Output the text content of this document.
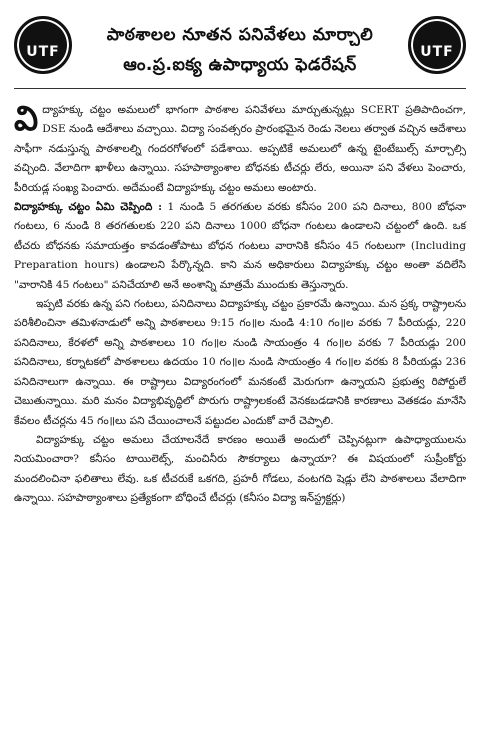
UTF
పాఠశాలల నూతన పనివేళలు మార్చాలి
ఆం.ప్ర.ఐక్య ఉపాధ్యాయ ఫెడరేషన్
UTF

విద్యాహక్కు చట్టం అమలులో భాగంగా పాఠశాల పనివేళలు మార్చుతున్నట్లు SCERT ప్రతిపాదించగా, DSE నుండి ఆదేశాలు వచ్చాయి. విద్యా సంవత్సరం ప్రారంభమైన రెండు నెలలు తర్వాత వచ్చిన ఆదేశాలు సాఫీగా నడుస్తున్న పాఠశాలల్ని గందరగోళంలో పడేశాయి. అప్పటికే అమలులో ఉన్న టైంటేబుల్స్ మార్చాల్సి వచ్చింది. వేలాదిగా ఖాళీలు ఉన్నాయి. సహపాఠ్యాంశాల బోధనకు టీచర్లు లేరు, అయినా పని వేళలు పెంచారు, పీరియడ్ల సంఖ్య పెంచారు. అదేమంటే విద్యాహక్కు చట్టం అమలు అంటారు.

విద్యాహక్కు చట్టం ఏమి చెప్పింది : 1 నుండి 5 తరగతుల వరకు కనీసం 200 పని దినాలు, 800 బోధనా గంటలు, 6 నుండి 8 తరగతులకు 220 పని దినాలు 1000 బోధనా గంటలు ఉండాలని చట్టంలో ఉంది. ఒక టీచరు బోధనకు సమాయత్తం కావడంతోపాటు బోధన గంటలు వారానికి కనీసం 45 గంటలుగా (Including Preparation hours) ఉండాలని పేర్కొన్నది. కాని మన అధికారులు విద్యాహక్కు చట్టం అంతా వదిలేసి "వారానికి 45 గంటలు" పనిచేయాలి అనే అంశాన్ని మాత్రమే ముందుకు తెస్తున్నారు.

ఇప్పటి వరకు ఉన్న పని గంటలు, పనిదినాలు విద్యాహక్కు చట్టం ప్రకారమే ఉన్నాయి. మన ప్రక్క రాష్ట్రాలను పరిశీలించినా తమిళనాడులో అన్ని పాఠశాలలు 9:15 గం॥ల నుండి 4:10 గం॥ల వరకు 7 పీరియడ్లు, 220 పనిదినాలు, కేరళలో అన్ని పాఠశాలలు 10 గం॥ల నుండి సాయంత్రం 4 గం॥ల వరకు 7 పీరియడ్లు 200 పనిదినాలు, కర్నాటకలో పాఠశాలలు ఉదయం 10 గం॥ల నుండి సాయంత్రం 4 గం॥ల వరకు 8 పీరియడ్లు 236 పనిదినాలుగా ఉన్నాయి. ఈ రాష్ట్రాలు విద్యారంగంలో మనకంటే మెరుగుగా ఉన్నాయని ప్రభుత్వ రిపోర్టులే చెబుతున్నాయి. మరి మనం విద్యాభివృద్ధిలో పొరుగు రాష్ట్రాలకంటే వెనకబడడానికి కారణాలు వెతకడం మానేసి కేవలం టీచర్లను 45 గం॥లు పని చేయించాలనే పట్టుదల ఎందుకో వారే చెప్పాలి.

విద్యాహక్కు చట్టం అమలు చేయాలనేదే కారణం అయితే అందులో చెప్పినట్లుగా ఉపాధ్యాయులను నియమించారా? కనీసం టాయిలెట్స్, మంచినీరు సౌకర్యాలు ఉన్నాయా? ఈ విషయంలో సుప్రీంకోర్టు మందలించినా ఫలితాలు లేవు. ఒక టీచరుకే ఒకగది, ప్రహరీ గోడలు, వంటగది షెడ్లు లేని పాఠశాలలు వేలాదిగా ఉన్నాయి. సహపాఠ్యాంశాలు ప్రత్యేకంగా బోధించే టీచర్లు (కనీసం విద్యా ఇన్‌స్ట్రక్టర్లు)
